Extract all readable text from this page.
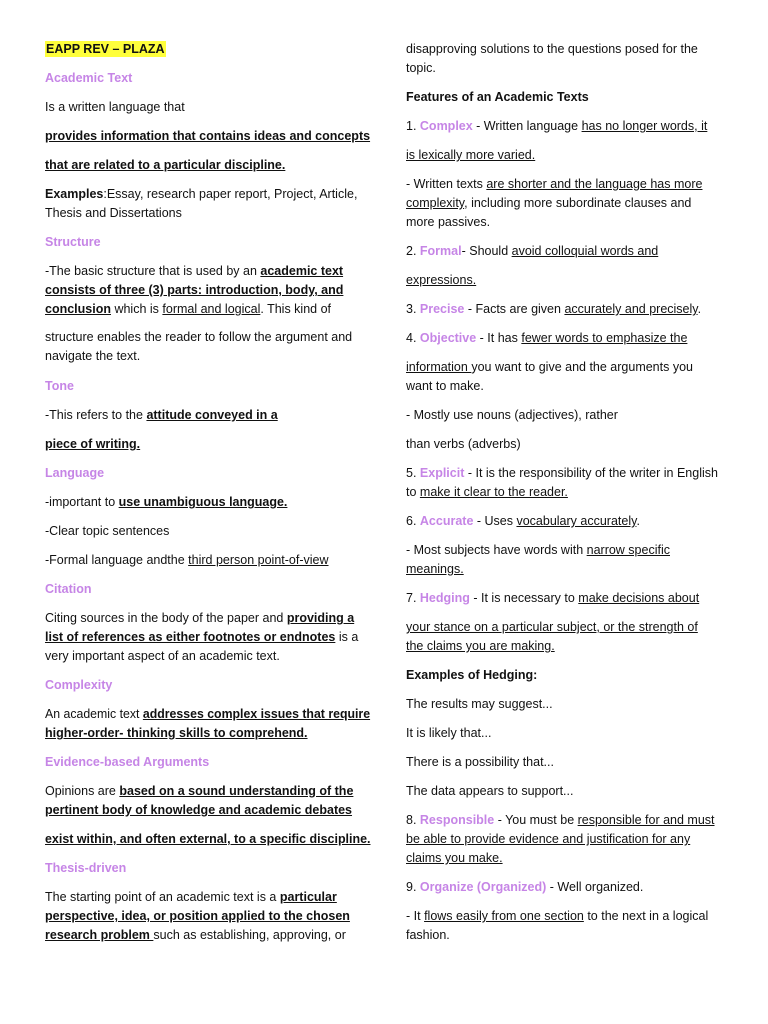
EAPP REV – PLAZA
Academic Text
Is a written language that
provides information that contains ideas and concepts
that are related to a particular discipline.
Examples:Essay, research paper report, Project, Article,
Thesis and Dissertations
Structure
-The basic structure that is used by an academic text
consists of three (3) parts: introduction, body, and
conclusion which is formal and logical. This kind of
structure enables the reader to follow the argument and
navigate the text.
Tone
-This refers to the attitude conveyed in a
piece of writing.
Language
-important to use unambiguous language.
-Clear topic sentences
-Formal language andthe third person point-of-view
Citation
Citing sources in the body of the paper and providing a
list of references as either footnotes or endnotes is a
very important aspect of an academic text.
Complexity
An academic text addresses complex issues that require
higher-order- thinking skills to comprehend.
Evidence-based Arguments
Opinions are based on a sound understanding of the
pertinent body of knowledge and academic debates
exist within, and often external, to a specific discipline.
Thesis-driven
The starting point of an academic text is a particular
perspective, idea, or position applied to the chosen
research problem such as establishing, approving, or
disapproving solutions to the questions posed for the
topic.
Features of an Academic Texts
1. Complex - Written language has no longer words, it
is lexically more varied.
- Written texts are shorter and the language has more
complexity, including more subordinate clauses and
more passives.
2. Formal- Should avoid colloquial words and
expressions.
3. Precise - Facts are given accurately and precisely.
4. Objective - It has fewer words to emphasize the
information you want to give and the arguments you
want to make.
- Mostly use nouns (adjectives), rather
than verbs (adverbs)
5. Explicit - It is the responsibility of the writer in English
to make it clear to the reader.
6. Accurate - Uses vocabulary accurately.
- Most subjects have words with narrow specific
meanings.
7. Hedging - It is necessary to make decisions about
your stance on a particular subject, or the strength of
the claims you are making.
Examples of Hedging:
The results may suggest...
It is likely that...
There is a possibility that...
The data appears to support...
8. Responsible - You must be responsible for and must
be able to provide evidence and justification for any
claims you make.
9. Organize (Organized) - Well organized.
- It flows easily from one section to the next in a logical
fashion.
